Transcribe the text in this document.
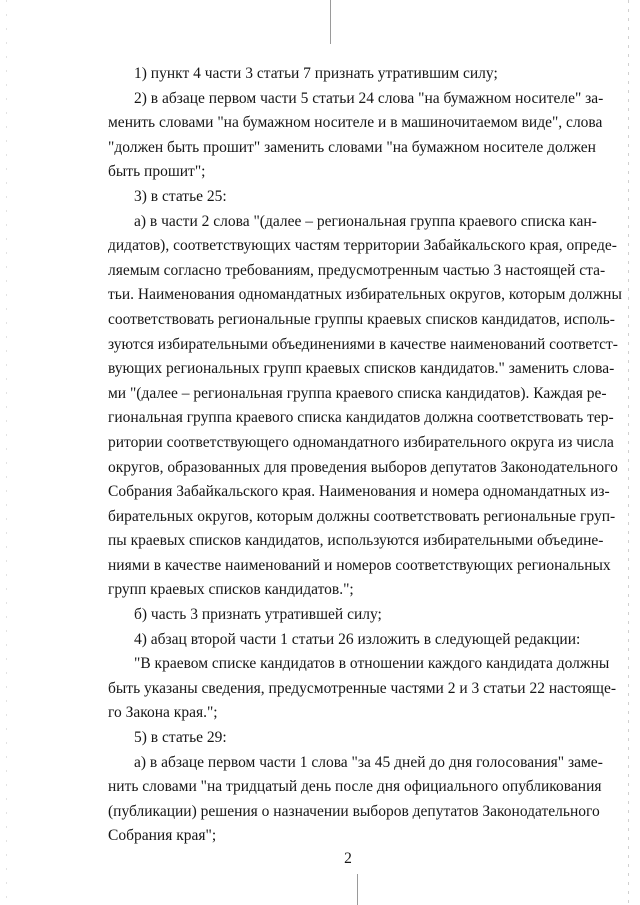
1) пункт 4 части 3 статьи 7 признать утратившим силу;
2) в абзаце первом части 5 статьи 24 слова "на бумажном носителе" за-
менить словами "на бумажном носителе и в машиночитаемом виде", слова
"должен быть прошит" заменить словами "на бумажном носителе должен
быть прошит";
3) в статье 25:
а) в части 2 слова "(далее – региональная группа краевого списка кан-
дидатов), соответствующих частям территории Забайкальского края, опреде-
ляемым согласно требованиям, предусмотренным частью 3 настоящей ста-
тьи. Наименования одномандатных избирательных округов, которым должны
соответствовать региональные группы краевых списков кандидатов, исполь-
зуются избирательными объединениями в качестве наименований соответст-
вующих региональных групп краевых списков кандидатов." заменить слова-
ми "(далее – региональная группа краевого списка кандидатов). Каждая ре-
гиональная группа краевого списка кандидатов должна соответствовать тер-
ритории соответствующего одномандатного избирательного округа из числа
округов, образованных для проведения выборов депутатов Законодательного
Собрания Забайкальского края. Наименования и номера одномандатных из-
бирательных округов, которым должны соответствовать региональные груп-
пы краевых списков кандидатов, используются избирательными объедине-
ниями в качестве наименований и номеров соответствующих региональных
групп краевых списков кандидатов.";
б) часть 3 признать утратившей силу;
4) абзац второй части 1 статьи 26 изложить в следующей редакции:
"В краевом списке кандидатов в отношении каждого кандидата должны
быть указаны сведения, предусмотренные частями 2 и 3 статьи 22 настояще-
го Закона края.";
5) в статье 29:
а) в абзаце первом части 1 слова "за 45 дней до дня голосования" заме-
нить словами "на тридцатый день после дня официального опубликования
(публикации) решения о назначении выборов депутатов Законодательного
Собрания края";
2
